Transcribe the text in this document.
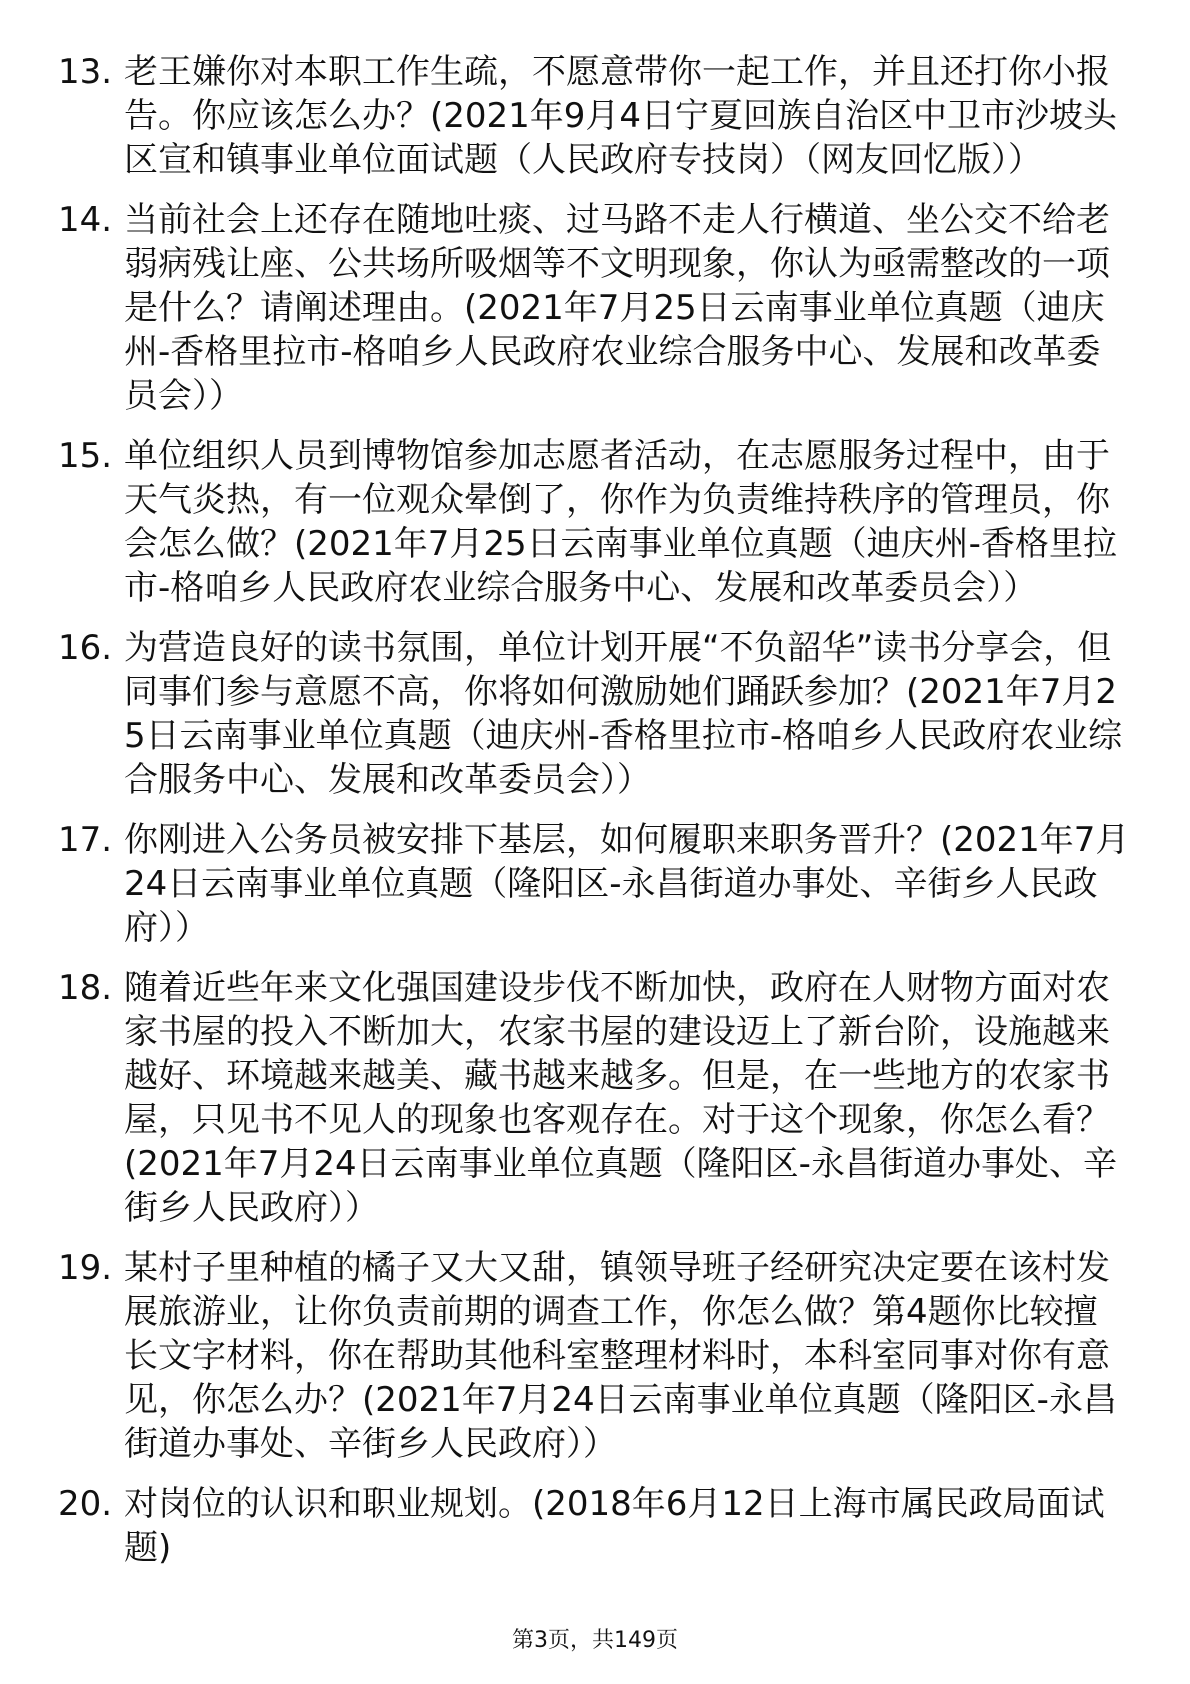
13. 老王嫌你对本职工作生疏，不愿意带你一起工作，并且还打你小报告。你应该怎么办？(2021年9月4日宁夏回族自治区中卫市沙坡头区宣和镇事业单位面试题（人民政府专技岗）（网友回忆版））
14. 当前社会上还存在随地吐痰、过马路不走人行横道、坐公交不给老弱病残让座、公共场所吸烟等不文明现象，你认为亟需整改的一项是什么？请阐述理由。(2021年7月25日云南事业单位真题（迪庆州-香格里拉市-格咱乡人民政府农业综合服务中心、发展和改革委员会））
15. 单位组织人员到博物馆参加志愿者活动，在志愿服务过程中，由于天气炎热，有一位观众晕倒了，你作为负责维持秩序的管理员，你会怎么做？(2021年7月25日云南事业单位真题（迪庆州-香格里拉市-格咱乡人民政府农业综合服务中心、发展和改革委员会））
16. 为营造良好的读书氛围，单位计划开展“不负韶华”读书分享会，但同事们参与意愿不高，你将如何激励她们踊跃参加？(2021年7月25日云南事业单位真题（迪庆州-香格里拉市-格咱乡人民政府农业综合服务中心、发展和改革委员会））
17. 你刚进入公务员被安排下基层，如何履职来职务晋升？(2021年7月24日云南事业单位真题（隆阳区-永昌街道办事处、辛街乡人民政府））
18. 随着近些年来文化强国建设步伐不断加快，政府在人财物方面对农家书屋的投入不断加大，农家书屋的建设迈上了新台阶，设施越来越好、环境越来越美、藏书越来越多。但是，在一些地方的农家书屋，只见书不见人的现象也客观存在。对于这个现象，你怎么看？(2021年7月24日云南事业单位真题（隆阳区-永昌街道办事处、辛街乡人民政府））
19. 某村子里种植的橘子又大又甜，镇领导班子经研究决定要在该村发展旅游业，让你负责前期的调查工作，你怎么做？第4题你比较擅长文字材料，你在帮助其他科室整理材料时，本科室同事对你有意见，你怎么办？(2021年7月24日云南事业单位真题（隆阳区-永昌街道办事处、辛街乡人民政府））
20. 对岗位的认识和职业规划。(2018年6月12日上海市属民政局面试题)
第3页，共149页
